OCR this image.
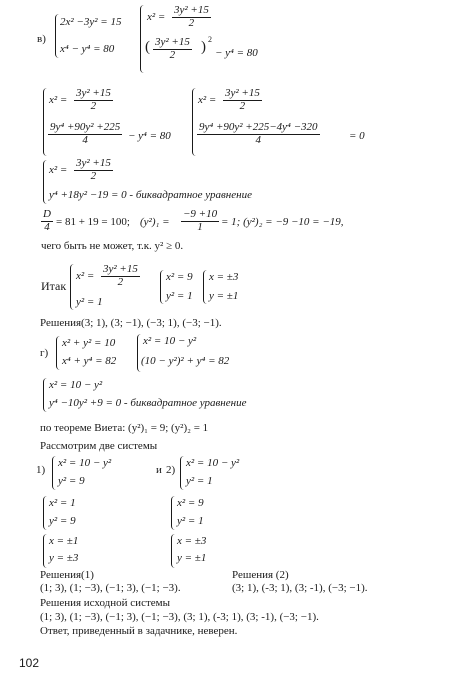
в)
2x² −3y² = 15
x⁴ − y⁴ = 80
$x^2 = \frac{\text{3y² +15}}{2}$
( $\frac{\text{3y² +15}}{2}$ ) 2
− y⁴ = 80
$x^2 = \frac{\text{3y² +15}}{2}$
$\frac{\text{9y⁴ +90y² +225}}{4} - y^4 = 80$
$x^2 = \frac{\text{3y² +15}}{2}$
$\frac{\text{9y⁴ +90y² +225−4y⁴ −320}}{4}$	= 0
$x^2 = \frac{\text{3y² +15}}{2}$
y⁴ +18y² −19 = 0 - биквадратное уравнение
$\frac{D}{4} = 81 + 19 = 100$; $(y^2)_1 = \frac{-9 +10}{1} = 1$; (y²)₂ = −9 −10 = −19,
чего быть не может, т.к. y² ≥ 0.
Итак
$x^2 = \frac{\text{3y² +15}}{2}$
y² = 1
x² = 9
y² = 1
x = ±3
y = ±1
Решения(3; 1), (3; −1), (−3; 1), (−3; −1).
г)
x² + y² = 10
x⁴ + y⁴ = 82
x² = 10 − y²
(10 − y²)² + y⁴ = 82
x² = 10 − y²
y⁴ −10y² +9 = 0 - биквадратное уравнение
по теореме Виета: (y²)₁ = 9; (y²)₂ = 1
Рассмотрим две системы
1)
x² = 10 − y²
y² = 9
и 2)
x² = 10 − y²
y² = 1
x² = 1
y² = 9
x² = 9
y² = 1
x = ±1
y = ±3
x = ±3
y = ±1
Решения(1)
(1; 3), (1; −3), (−1; 3), (−1; −3).
Решения (2)
(3; 1), (-3; 1), (3; -1), (−3; −1).
Решения исходной системы
(1; 3), (1; −3), (−1; 3), (−1; −3), (3; 1), (-3; 1), (3; -1), (−3; −1).
Ответ, приведенный в задачнике, неверен.
102
